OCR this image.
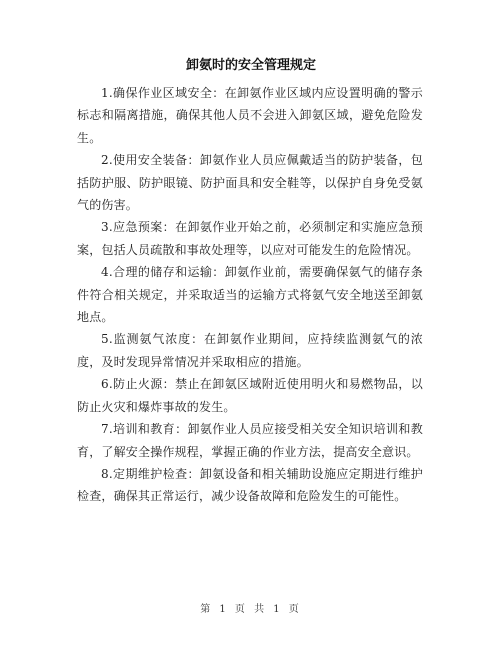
卸氨时的安全管理规定

1.确保作业区域安全：在卸氨作业区域内应设置明确的警示标志和隔离措施，确保其他人员不会进入卸氨区域，避免危险发生。

2.使用安全装备：卸氨作业人员应佩戴适当的防护装备，包括防护服、防护眼镜、防护面具和安全鞋等，以保护自身免受氨气的伤害。

3.应急预案：在卸氨作业开始之前，必须制定和实施应急预案，包括人员疏散和事故处理等，以应对可能发生的危险情况。

4.合理的储存和运输：卸氨作业前，需要确保氨气的储存条件符合相关规定，并采取适当的运输方式将氨气安全地送至卸氨地点。

5.监测氨气浓度：在卸氨作业期间，应持续监测氨气的浓度，及时发现异常情况并采取相应的措施。

6.防止火源：禁止在卸氨区域附近使用明火和易燃物品，以防止火灾和爆炸事故的发生。

7.培训和教育：卸氨作业人员应接受相关安全知识培训和教育，了解安全操作规程，掌握正确的作业方法，提高安全意识。

8.定期维护检查：卸氨设备和相关辅助设施应定期进行维护检查，确保其正常运行，减少设备故障和危险发生的可能性。

第 1 页 共 1 页
